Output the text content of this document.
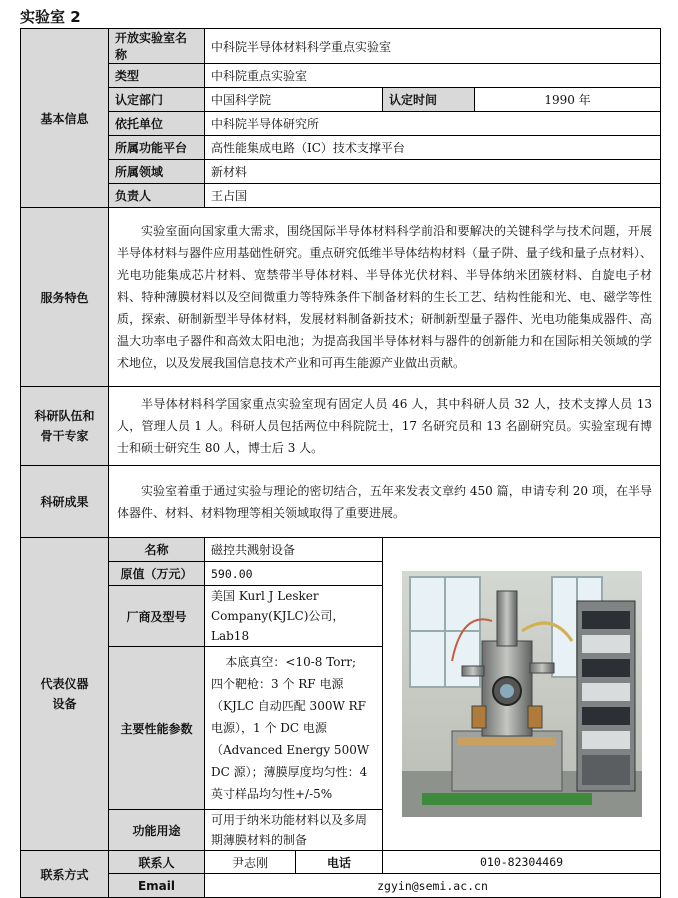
实验室 2
基本信息	开放实验室名称	中科院半导体材料科学重点实验室		
	类型	中科院重点实验室		
	认定部门	中国科学院	认定时间	1990 年
	依托单位	中科院半导体研究所		
	所属功能平台	高性能集成电路（IC）技术支撑平台		
	所属领域	新材料		
	负责人	王占国		
服务特色	实验室面向国家重大需求，围绕国际半导体材料科学前沿和要解决的关键科学与技术问题，开展半导体材料与器件应用基础性研究。重点研究低维半导体结构材料（量子阱、量子线和量子点材料）、光电功能集成芯片材料、宽禁带半导体材料、半导体光伏材料、半导体纳米团簇材料、自旋电子材料、特种薄膜材料以及空间微重力等特殊条件下制备材料的生长工艺、结构性能和光、电、磁学等性质，探索、研制新型半导体材料，发展材料制备新技术；研制新型量子器件、光电功能集成器件、高温大功率电子器件和高效太阳电池；为提高我国半导体材料与器件的创新能力和在国际相关领域的学术地位，以及发展我国信息技术产业和可再生能源产业做出贡献。			

科研队伍和
骨干专家	半导体材料科学国家重点实验室现有固定人员 46 人，其中科研人员 32 人，技术支撑人员 13 人，管理人员 1 人。科研人员包括两位中科院院士，17 名研究员和 13 名副研究员。实验室现有博士和硕士研究生 80 人，博士后 3 人。			
科研成果	实验室着重于通过实验与理论的密切结合，五年来发表文章约 450 篇，申请专利 20 项，在半导体器件、材料、材料物理等相关领域取得了重要进展。			

代表仪器
设备	名称	磁控共溅射设备	

	原值（万元）	590.00		
	厂商及型号	美国 Kurl J Lesker
Company(KJLC)公司，Lab18		

	主要性能参数	本底真空：<10-8 Torr;
四个靶枪：3 个 RF 电源（KJLC 自动匹配 300W RF 电源），1 个 DC 电源（Advanced Energy 500W DC 源）；薄膜厚度均匀性：4 英寸样品均匀性+/-5%		

	功能用途	可用于纳米功能材料以及多周期薄膜材料的制备		
联系方式	联系人	尹志刚 电话	010-82304469	
	Email	zgyin@semi.ac.cn		
